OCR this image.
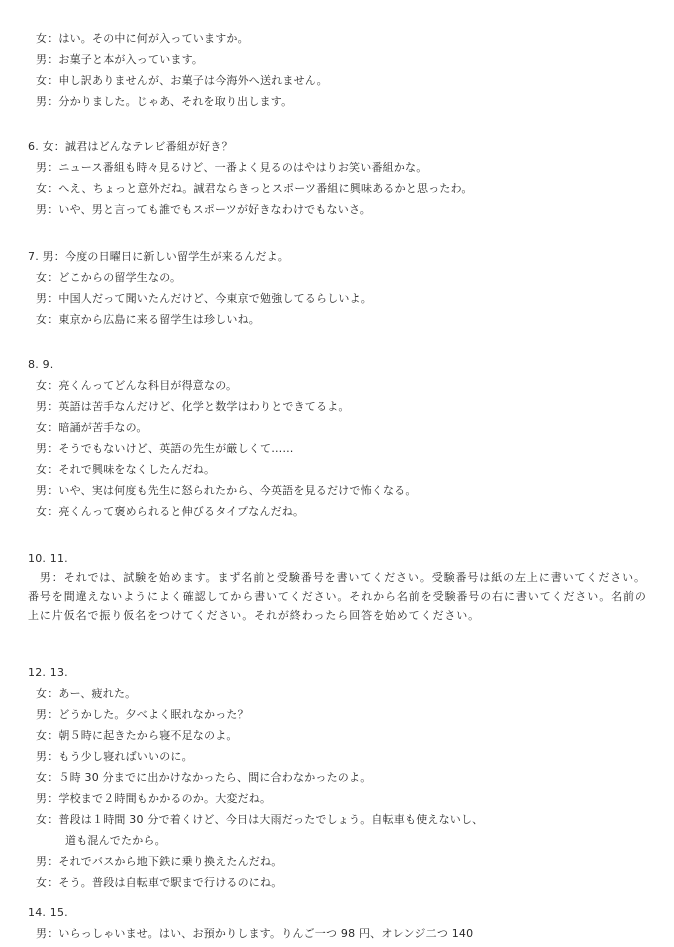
女：はい。その中に何が入っていますか。
男：お菓子と本が入っています。
女：申し訳ありませんが、お菓子は今海外へ送れません。
男：分かりました。じゃあ、それを取り出します。
6. 女：誠君はどんなテレビ番組が好き？
男：ニュース番組も時々見るけど、一番よく見るのはやはりお笑い番組かな。
女：へえ、ちょっと意外だね。誠君ならきっとスポーツ番組に興味あるかと思ったわ。
男：いや、男と言っても誰でもスポーツが好きなわけでもないさ。
7. 男：今度の日曜日に新しい留学生が来るんだよ。
女：どこからの留学生なの。
男：中国人だって聞いたんだけど、今東京で勉強してるらしいよ。
女：東京から広島に来る留学生は珍しいね。
8. 9.
女：亮くんってどんな科目が得意なの。
男：英語は苦手なんだけど、化学と数学はわりとできてるよ。
女：暗誦が苦手なの。
男：そうでもないけど、英語の先生が厳しくて……
女：それで興味をなくしたんだね。
男：いや、実は何度も先生に怒られたから、今英語を見るだけで怖くなる。
女：亮くんって褒められると伸びるタイプなんだね。
10. 11.
　男：それでは、試験を始めます。まず名前と受験番号を書いてください。受験番号は紙の左上に書いてください。番号を間違えないようによく確認してから書いてください。それから名前を受験番号の右に書いてください。名前の上に片仮名で振り仮名をつけてください。それが終わったら回答を始めてください。
12. 13.
女：あー、疲れた。
男：どうかした。夕べよく眠れなかった？
女：朝５時に起きたから寝不足なのよ。
男：もう少し寝ればいいのに。
女：５時 30 分までに出かけなかったら、間に合わなかったのよ。
男：学校まで２時間もかかるのか。大変だね。
女：普段は１時間 30 分で着くけど、今日は大雨だったでしょう。自転車も使えないし、
道も混んでたから。
男：それでバスから地下鉄に乗り換えたんだね。
女：そう。普段は自転車で駅まで行けるのにね。
14. 15.
男：いらっしゃいませ。はい、お預かりします。りんご一つ 98 円、オレンジ二つ 140
